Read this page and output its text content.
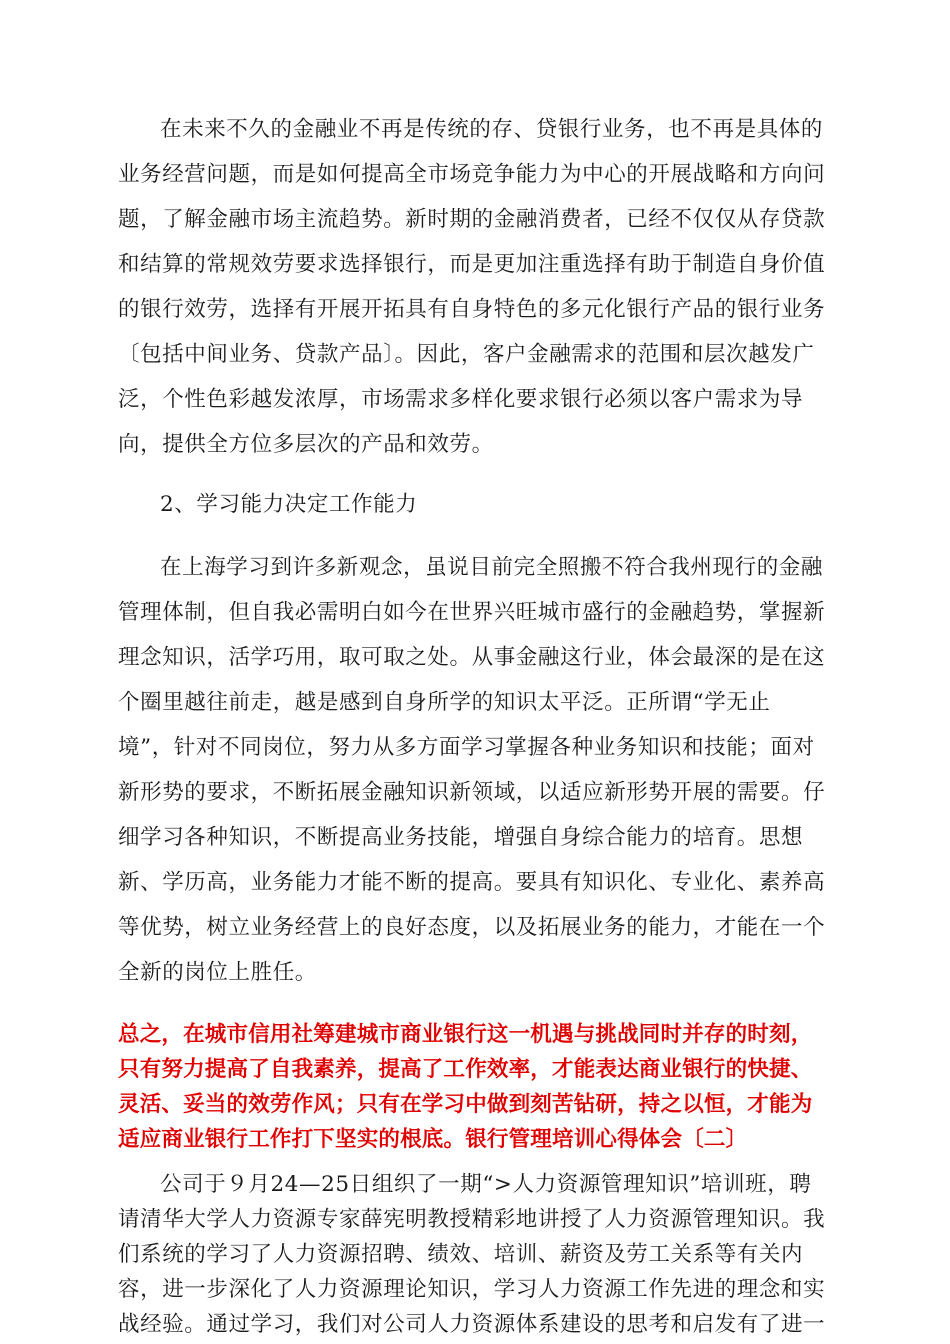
在未来不久的金融业不再是传统的存、贷银行业务，也不再是具体的
业务经营问题，而是如何提高全市场竞争能力为中心的开展战略和方向问
题，了解金融市场主流趋势。新时期的金融消费者，已经不仅仅从存贷款
和结算的常规效劳要求选择银行，而是更加注重选择有助于制造自身价值
的银行效劳，选择有开展开拓具有自身特色的多元化银行产品的银行业务
〔包括中间业务、贷款产品〕。因此，客户金融需求的范围和层次越发广
泛，个性色彩越发浓厚，市场需求多样化要求银行必须以客户需求为导
向，提供全方位多层次的产品和效劳。
2、学习能力决定工作能力
在上海学习到许多新观念，虽说目前完全照搬不符合我州现行的金融
管理体制，但自我必需明白如今在世界兴旺城市盛行的金融趋势，掌握新
理念知识，活学巧用，取可取之处。从事金融这行业，体会最深的是在这
个圈里越往前走，越是感到自身所学的知识太平泛。正所谓“学无止
境”，针对不同岗位，努力从多方面学习掌握各种业务知识和技能；面对
新形势的要求，不断拓展金融知识新领域，以适应新形势开展的需要。仔
细学习各种知识，不断提高业务技能，增强自身综合能力的培育。思想
新、学历高，业务能力才能不断的提高。要具有知识化、专业化、素养高
等优势，树立业务经营上的良好态度，以及拓展业务的能力，才能在一个
全新的岗位上胜任。
总之，在城市信用社筹建城市商业银行这一机遇与挑战同时并存的时刻，
只有努力提高了自我素养，提高了工作效率，才能表达商业银行的快捷、
灵活、妥当的效劳作风；只有在学习中做到刻苦钻研，持之以恒，才能为
适应商业银行工作打下坚实的根底。银行管理培训心得体会〔二〕
公司于９月24—25日组织了一期“>人力资源管理知识”培训班，聘
请清华大学人力资源专家薛宪明教授精彩地讲授了人力资源管理知识。我
们系统的学习了人力资源招聘、绩效、培训、薪资及劳工关系等有关内
容，进一步深化了人力资源理论知识，学习人力资源工作先进的理念和实
战经验。通过学习，我们对公司人力资源体系建设的思考和启发有了进一
